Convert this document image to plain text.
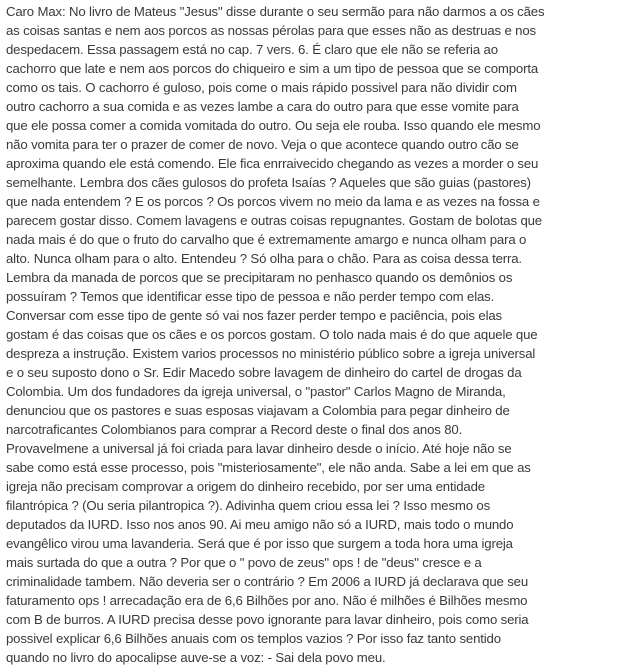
Caro Max: No livro de Mateus "Jesus" disse durante o seu sermão para não darmos a os cães
as coisas santas e nem aos porcos as nossas pérolas para que esses não as destruas e nos
despedacem. Essa passagem está no cap. 7 vers. 6. É claro que ele não se referia ao
cachorro que late e nem aos porcos do chiqueiro e sim a um tipo de pessoa que se comporta
como os tais. O cachorro é guloso, pois come o mais rápido possivel para não dividir com
outro cachorro a sua comida e as vezes lambe a cara do outro para que esse vomite para
que ele possa comer a comida vomitada do outro. Ou seja ele rouba. Isso quando ele mesmo
não vomita para ter o prazer de comer de novo. Veja o que acontece quando outro cão se
aproxima quando ele está comendo. Ele fica enrraivecido chegando as vezes a morder o seu
semelhante. Lembra dos cães gulosos do profeta Isaías ? Aqueles que são guias (pastores)
que nada entendem ? E os porcos ? Os porcos vivem no meio da lama e as vezes na fossa e
parecem gostar disso. Comem lavagens e outras coisas repugnantes. Gostam de bolotas que
nada mais é do que o fruto do carvalho que é extremamente amargo e nunca olham para o
alto. Nunca olham para o alto. Entendeu ? Só olha para o chão. Para as coisa dessa terra.
Lembra da manada de porcos que se precipitaram no penhasco quando os demônios os
possuíram ? Temos que identificar esse tipo de pessoa e não perder tempo com elas.
Conversar com esse tipo de gente só vai nos fazer perder tempo e paciência, pois elas
gostam é das coisas que os cães e os porcos gostam. O tolo nada mais é do que aquele que
despreza a instrução. Existem varios processos no ministério público sobre a igreja universal
e o seu suposto dono o Sr. Edir Macedo sobre lavagem de dinheiro do cartel de drogas da
Colombia. Um dos fundadores da igreja universal, o "pastor" Carlos Magno de Miranda,
denunciou que os pastores e suas esposas viajavam a Colombia para pegar dinheiro de
narcotraficantes Colombianos para comprar a Record deste o final dos anos 80.
Provavelmene a universal já foi criada para lavar dinheiro desde o início. Até hoje não se
sabe como está esse processo, pois "misteriosamente", ele não anda. Sabe a lei em que as
igreja não precisam comprovar a origem do dinheiro recebido, por ser uma entidade
filantrópica ? (Ou seria pilantropica ?). Adivinha quem criou essa lei ? Isso mesmo os
deputados da IURD. Isso nos anos 90. Ai meu amigo não só a IURD, mais todo o mundo
evangêlico virou uma lavanderia. Será que é por isso que surgem a toda hora uma igreja
mais surtada do que a outra ? Por que o " povo de zeus" ops ! de "deus" cresce e a
criminalidade tambem. Não deveria ser o contrário ? Em 2006 a IURD já declarava que seu
faturamento ops ! arrecadação era de 6,6 Bilhões por ano. Não é milhões é Bilhões mesmo
com B de burros. A IURD precisa desse povo ignorante para lavar dinheiro, pois como seria
possivel explicar 6,6 Bilhões anuais com os templos vazios ? Por isso faz tanto sentido
quando no livro do apocalipse auve-se a voz: - Sai dela povo meu.
